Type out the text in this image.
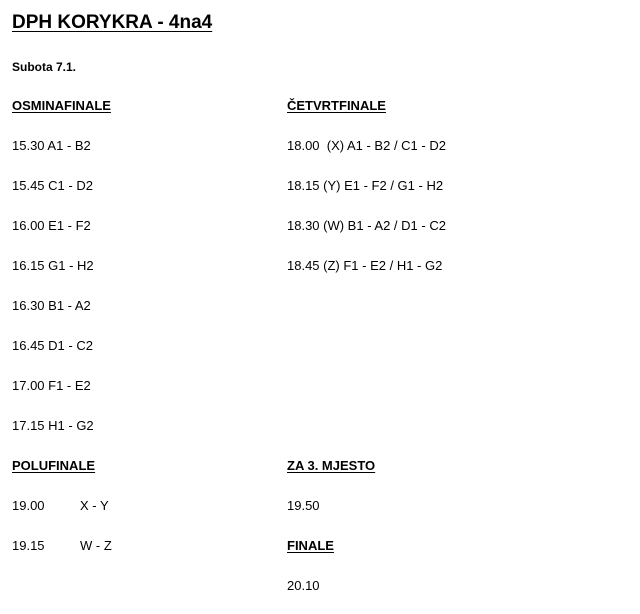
DPH KORYKRA - 4na4
Subota 7.1.
OSMINAFINALE
15.30 A1 - B2
15.45 C1 - D2
16.00 E1 - F2
16.15 G1 - H2
16.30 B1 - A2
16.45 D1 - C2
17.00 F1 - E2
17.15 H1 - G2
ČETVRTFINALE
18.00  (X) A1 - B2 / C1 - D2
18.15 (Y) E1 - F2 / G1 - H2
18.30 (W) B1 - A2 / D1 - C2
18.45 (Z) F1 - E2 / H1 - G2
POLUFINALE
19.00	X - Y
19.15	W - Z
ZA 3. MJESTO
19.50
FINALE
20.10
